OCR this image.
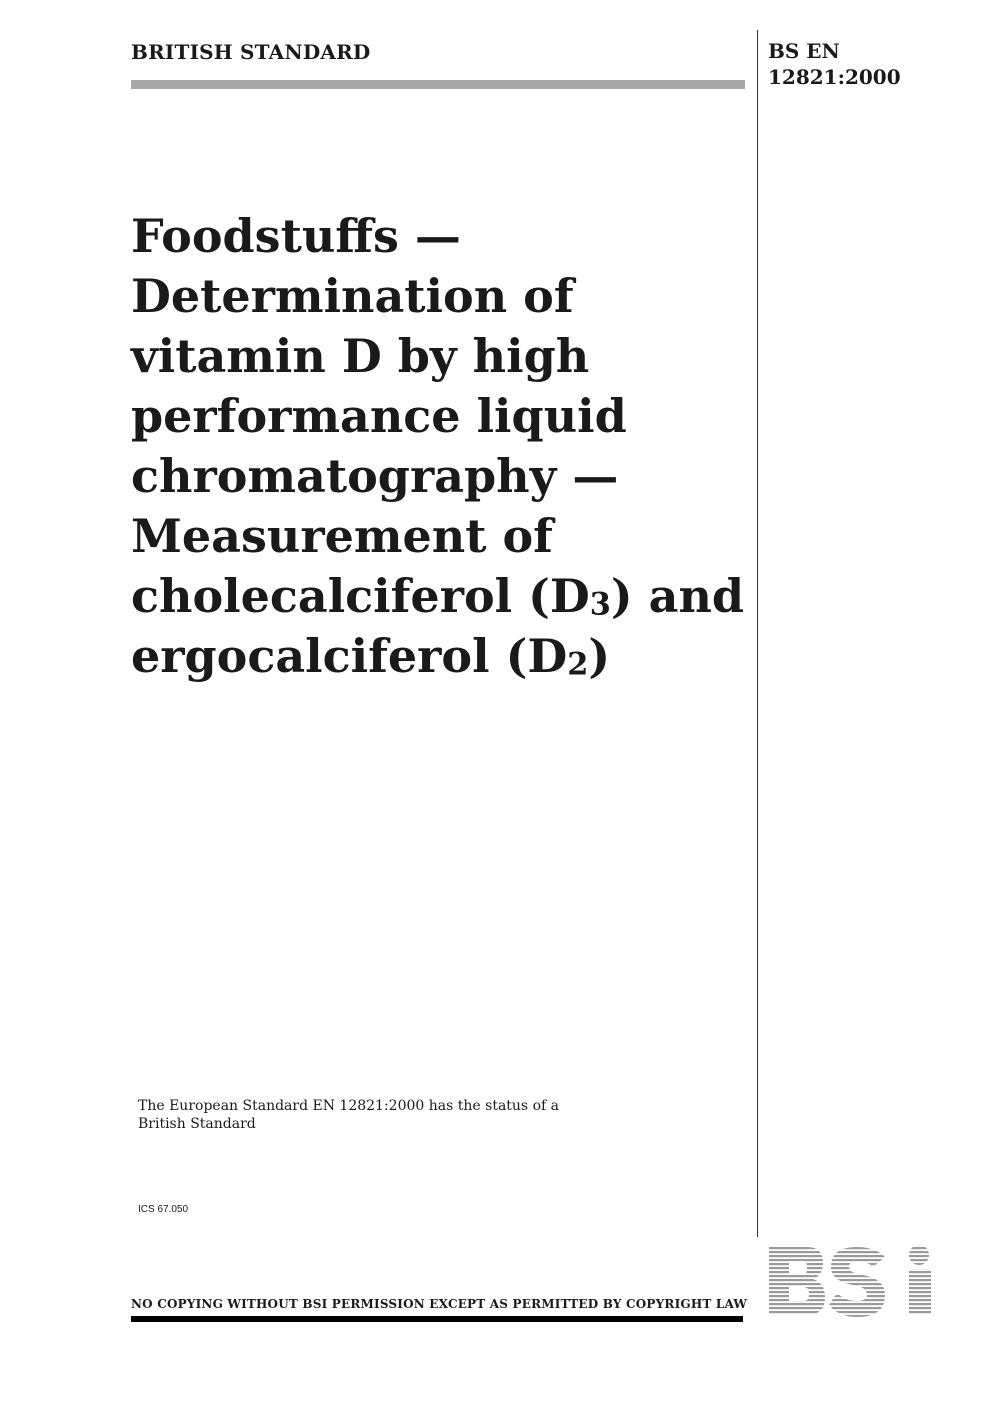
BRITISH STANDARD	BS EN
12821:2000
Foodstuffs —
Determination of
vitamin D by high
performance liquid
chromatography —
Measurement of
cholecalciferol $(D_3)$ and
ergocalciferol $(D_2)$
The European Standard EN 12821:2000 has the status of a
British Standard
ICS 67.050
NO COPYING WITHOUT BSI PERMISSION EXCEPT AS PERMITTED BY COPYRIGHT LAW
